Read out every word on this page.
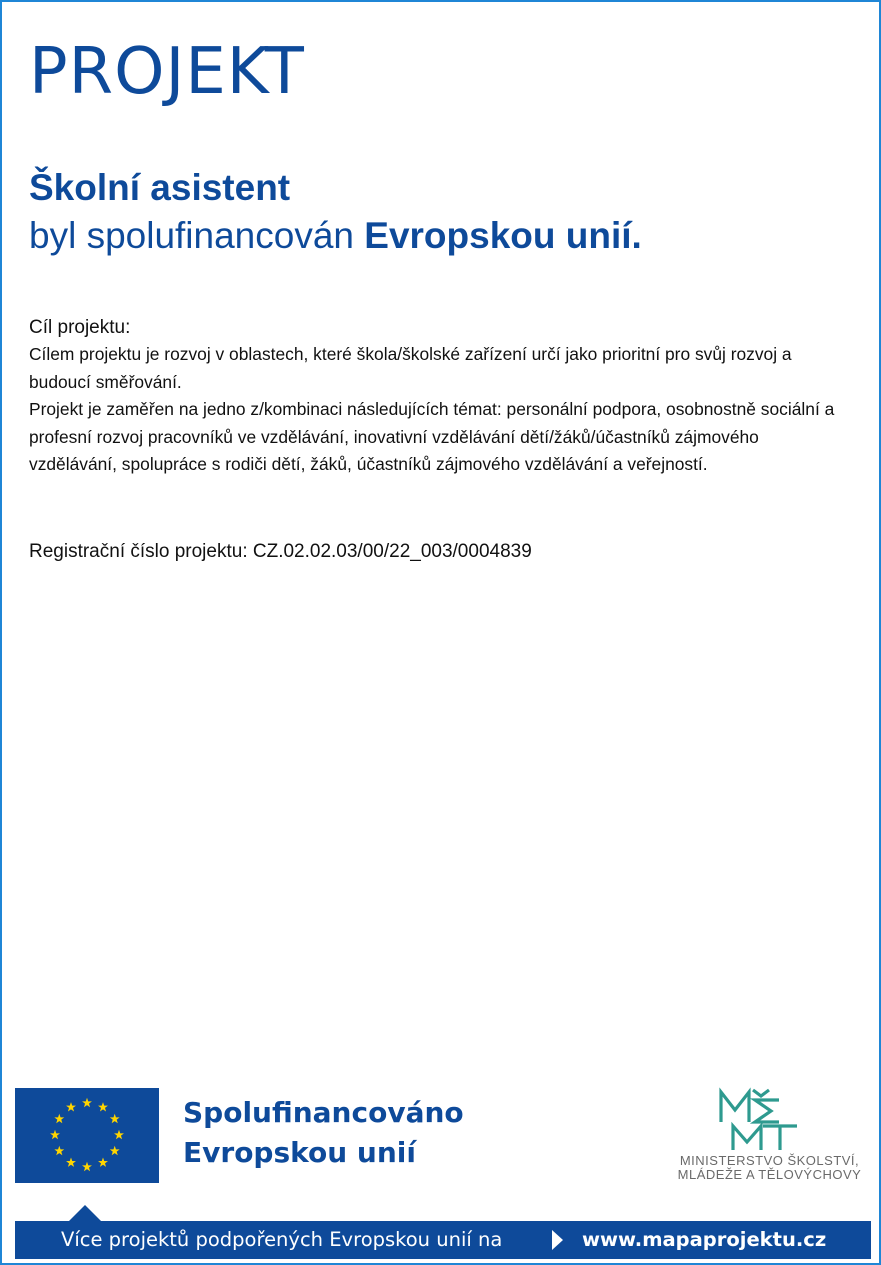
PROJEKT
Školní asistent
byl spolufinancován Evropskou unií.
Cíl projektu:

Cílem projektu je rozvoj v oblastech, které škola/školské zařízení určí jako prioritní pro svůj rozvoj a budoucí směřování.

Projekt je zaměřen na jedno z/kombinaci následujících témat: personální podpora, osobnostně sociální a profesní rozvoj pracovníků ve vzdělávání, inovativní vzdělávání dětí/žáků/účastníků zájmového vzdělávání, spolupráce s rodiči dětí, žáků, účastníků zájmového vzdělávání a veřejností.

Registrační číslo projektu: CZ.02.02.03/00/22_003/0004839
Spolufinancováno
Evropskou unií	MINISTERSTVO ŠKOLSTVÍ,
MLÁDEŽE A TĚLOVÝCHOVY
Více projektů podpořených Evropskou unií na	www.mapaprojektu.cz
